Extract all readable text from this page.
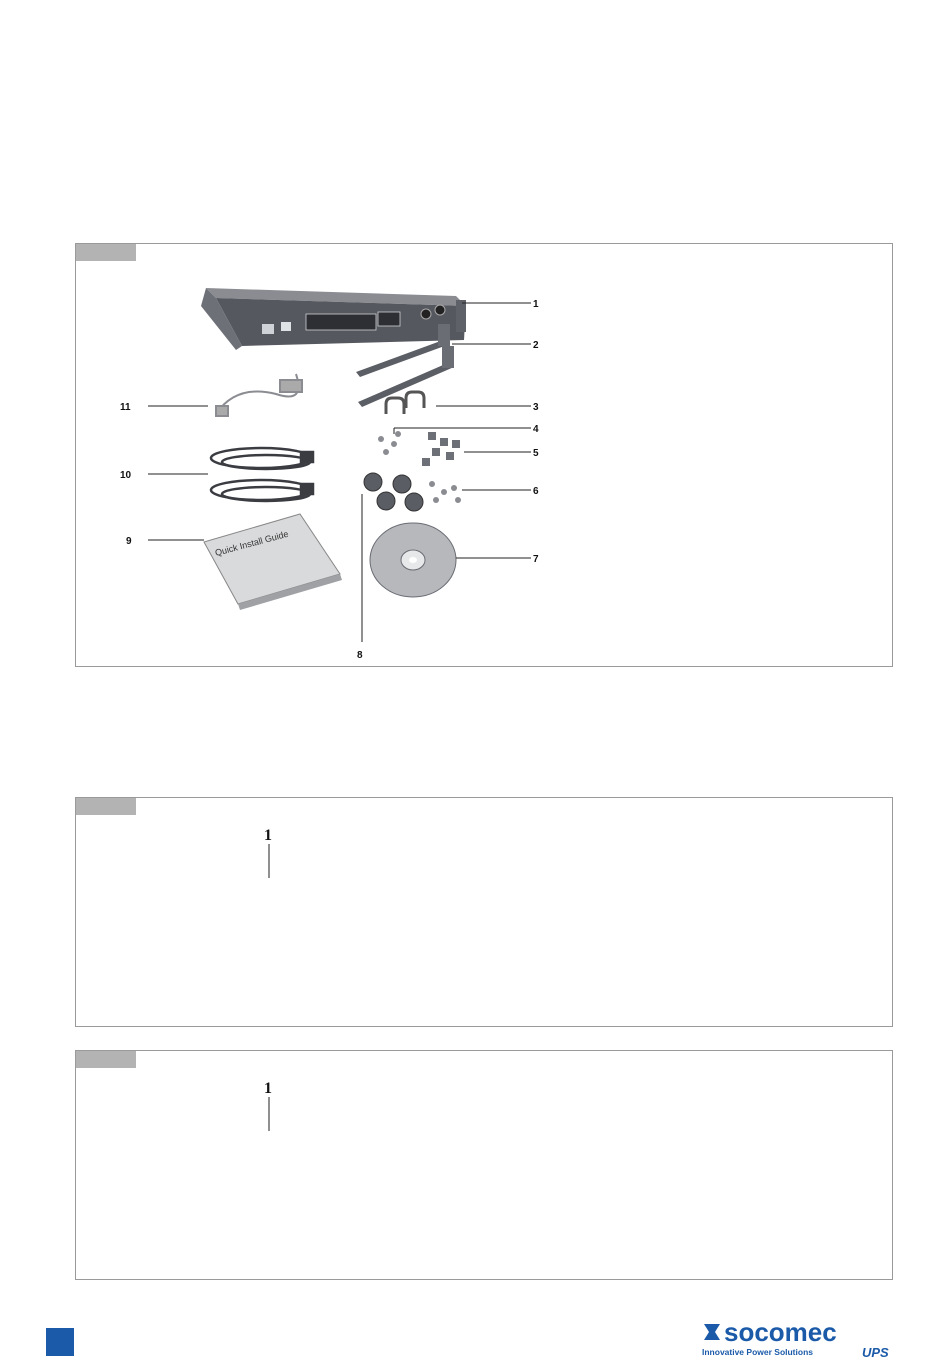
Quick Install Guide
1
2
3
4
5
6
7
8
9
10
11
1
1
socomec
Innovative Power Solutions	UPS
